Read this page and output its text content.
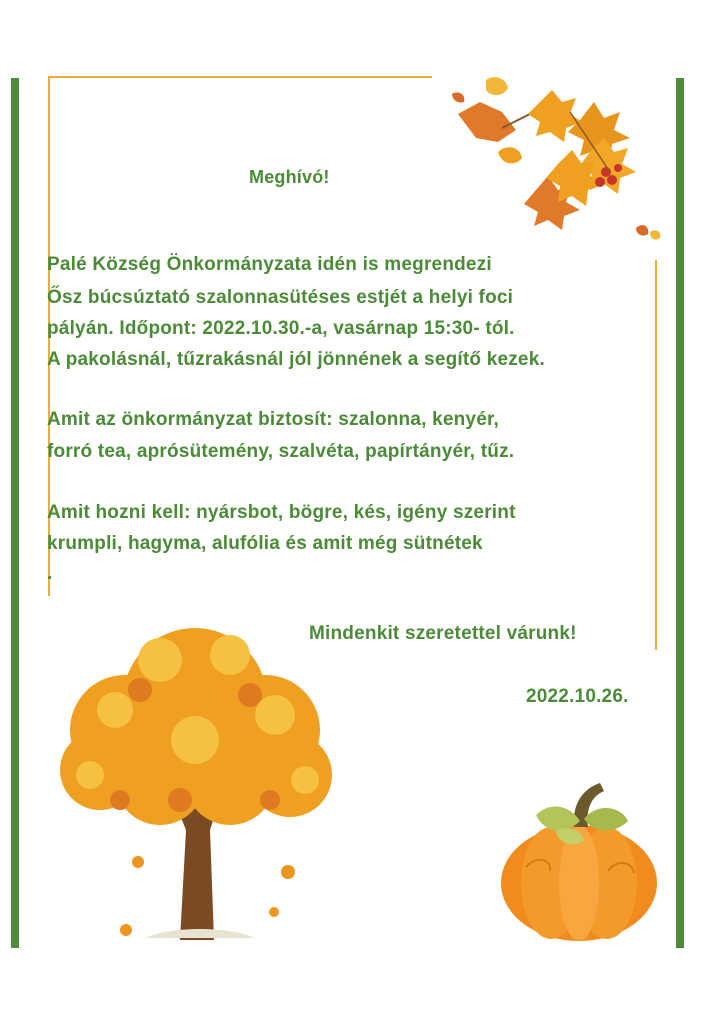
Meghívó!
Palé Község Önkormányzata idén is megrendezi
Ősz búcsúztató szalonnasütéses estjét a helyi foci
pályán. Időpont: 2022.10.30.-a, vasárnap 15:30- tól.
A pakolásnál, tűzrakásnál jól jönnének a segítő kezek.
Amit az önkormányzat biztosít: szalonna, kenyér,
forró tea, aprósütemény, szalvéta, papírtányér, tűz.
Amit hozni kell: nyársbot, bögre, kés, igény szerint
krumpli, hagyma, alufólia és amit még sütnétek
.
Mindenkit szeretettel várunk!
2022.10.26.
